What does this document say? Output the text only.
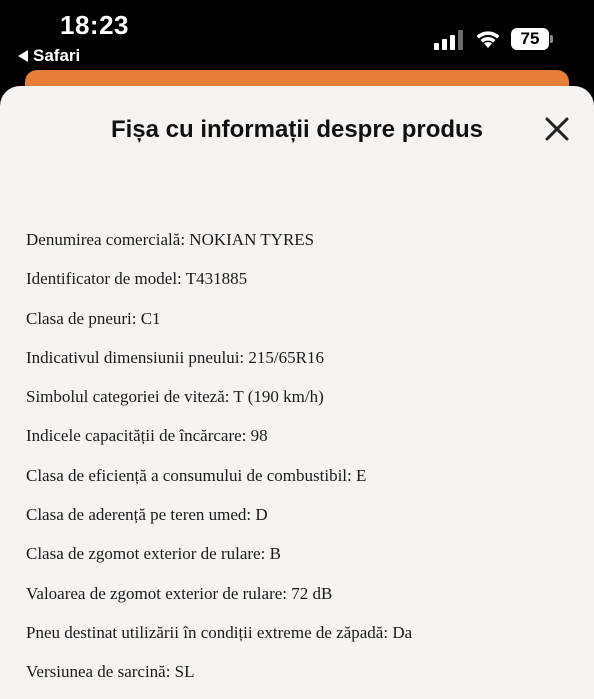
18:23
Safari
75
Fișa cu informații despre produs
Denumirea comercială: NOKIAN TYRES
Identificator de model: T431885
Clasa de pneuri: C1
Indicativul dimensiunii pneului: 215/65R16
Simbolul categoriei de viteză: T (190 km/h)
Indicele capacității de încărcare: 98
Clasa de eficiență a consumului de combustibil: E
Clasa de aderență pe teren umed: D
Clasa de zgomot exterior de rulare: B
Valoarea de zgomot exterior de rulare: 72 dB
Pneu destinat utilizării în condiții extreme de zăpadă: Da
Versiunea de sarcină: SL
